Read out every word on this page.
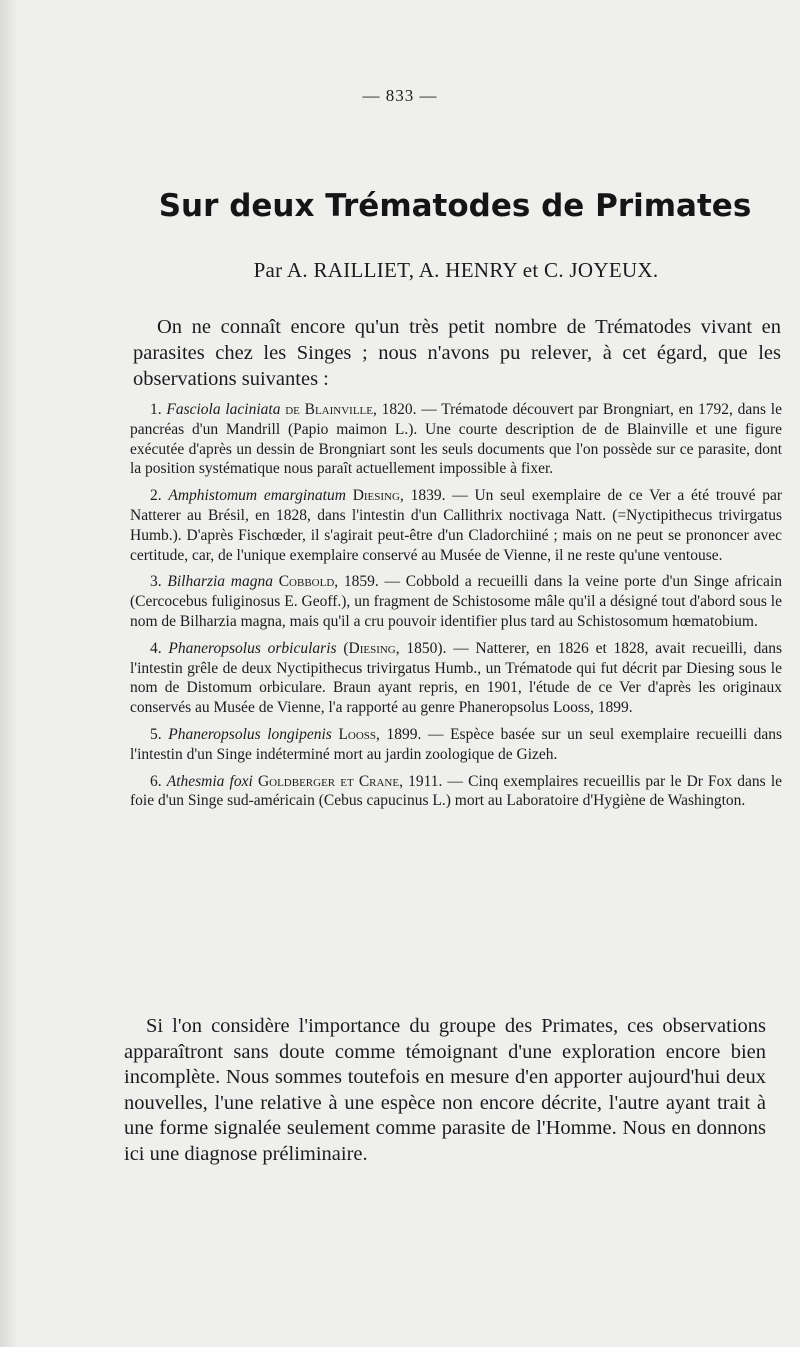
— 833 —
Sur deux Trématodes de Primates
Par A. RAILLIET, A. HENRY et C. JOYEUX.

On ne connaît encore qu'un très petit nombre de Trématodes vivant en parasites chez les Singes ; nous n'avons pu relever, à cet égard, que les observations suivantes :

1. Fasciola laciniata de Blainville, 1820. — Trématode découvert par Brongniart, en 1792, dans le pancréas d'un Mandrill (Papio maimon L.). Une courte description de de Blainville et une figure exécutée d'après un dessin de Brongniart sont les seuls documents que l'on possède sur ce parasite, dont la position systématique nous paraît actuellement impossible à fixer.

2. Amphistomum emarginatum Diesing, 1839. — Un seul exemplaire de ce Ver a été trouvé par Natterer au Brésil, en 1828, dans l'intestin d'un Callithrix noctivaga Natt. (=Nyctipithecus trivirgatus Humb.). D'après Fischœder, il s'agirait peut-être d'un Cladorchiiné ; mais on ne peut se prononcer avec certitude, car, de l'unique exemplaire conservé au Musée de Vienne, il ne reste qu'une ventouse.

3. Bilharzia magna Cobbold, 1859. — Cobbold a recueilli dans la veine porte d'un Singe africain (Cercocebus fuliginosus E. Geoff.), un fragment de Schistosome mâle qu'il a désigné tout d'abord sous le nom de Bilharzia magna, mais qu'il a cru pouvoir identifier plus tard au Schistosomum hœmatobium.

4. Phaneropsolus orbicularis (Diesing, 1850). — Natterer, en 1826 et 1828, avait recueilli, dans l'intestin grêle de deux Nyctipithecus trivirgatus Humb., un Trématode qui fut décrit par Diesing sous le nom de Distomum orbiculare. Braun ayant repris, en 1901, l'étude de ce Ver d'après les originaux conservés au Musée de Vienne, l'a rapporté au genre Phaneropsolus Looss, 1899.

5. Phaneropsolus longipenis Looss, 1899. — Espèce basée sur un seul exemplaire recueilli dans l'intestin d'un Singe indéterminé mort au jardin zoologique de Gizeh.

6. Athesmia foxi Goldberger et Crane, 1911. — Cinq exemplaires recueillis par le Dr Fox dans le foie d'un Singe sud-américain (Cebus capucinus L.) mort au Laboratoire d'Hygiène de Washington.

Si l'on considère l'importance du groupe des Primates, ces observations apparaîtront sans doute comme témoignant d'une exploration encore bien incomplète. Nous sommes toutefois en mesure d'en apporter aujourd'hui deux nouvelles, l'une relative à une espèce non encore décrite, l'autre ayant trait à une forme signalée seulement comme parasite de l'Homme. Nous en donnons ici une diagnose préliminaire.
